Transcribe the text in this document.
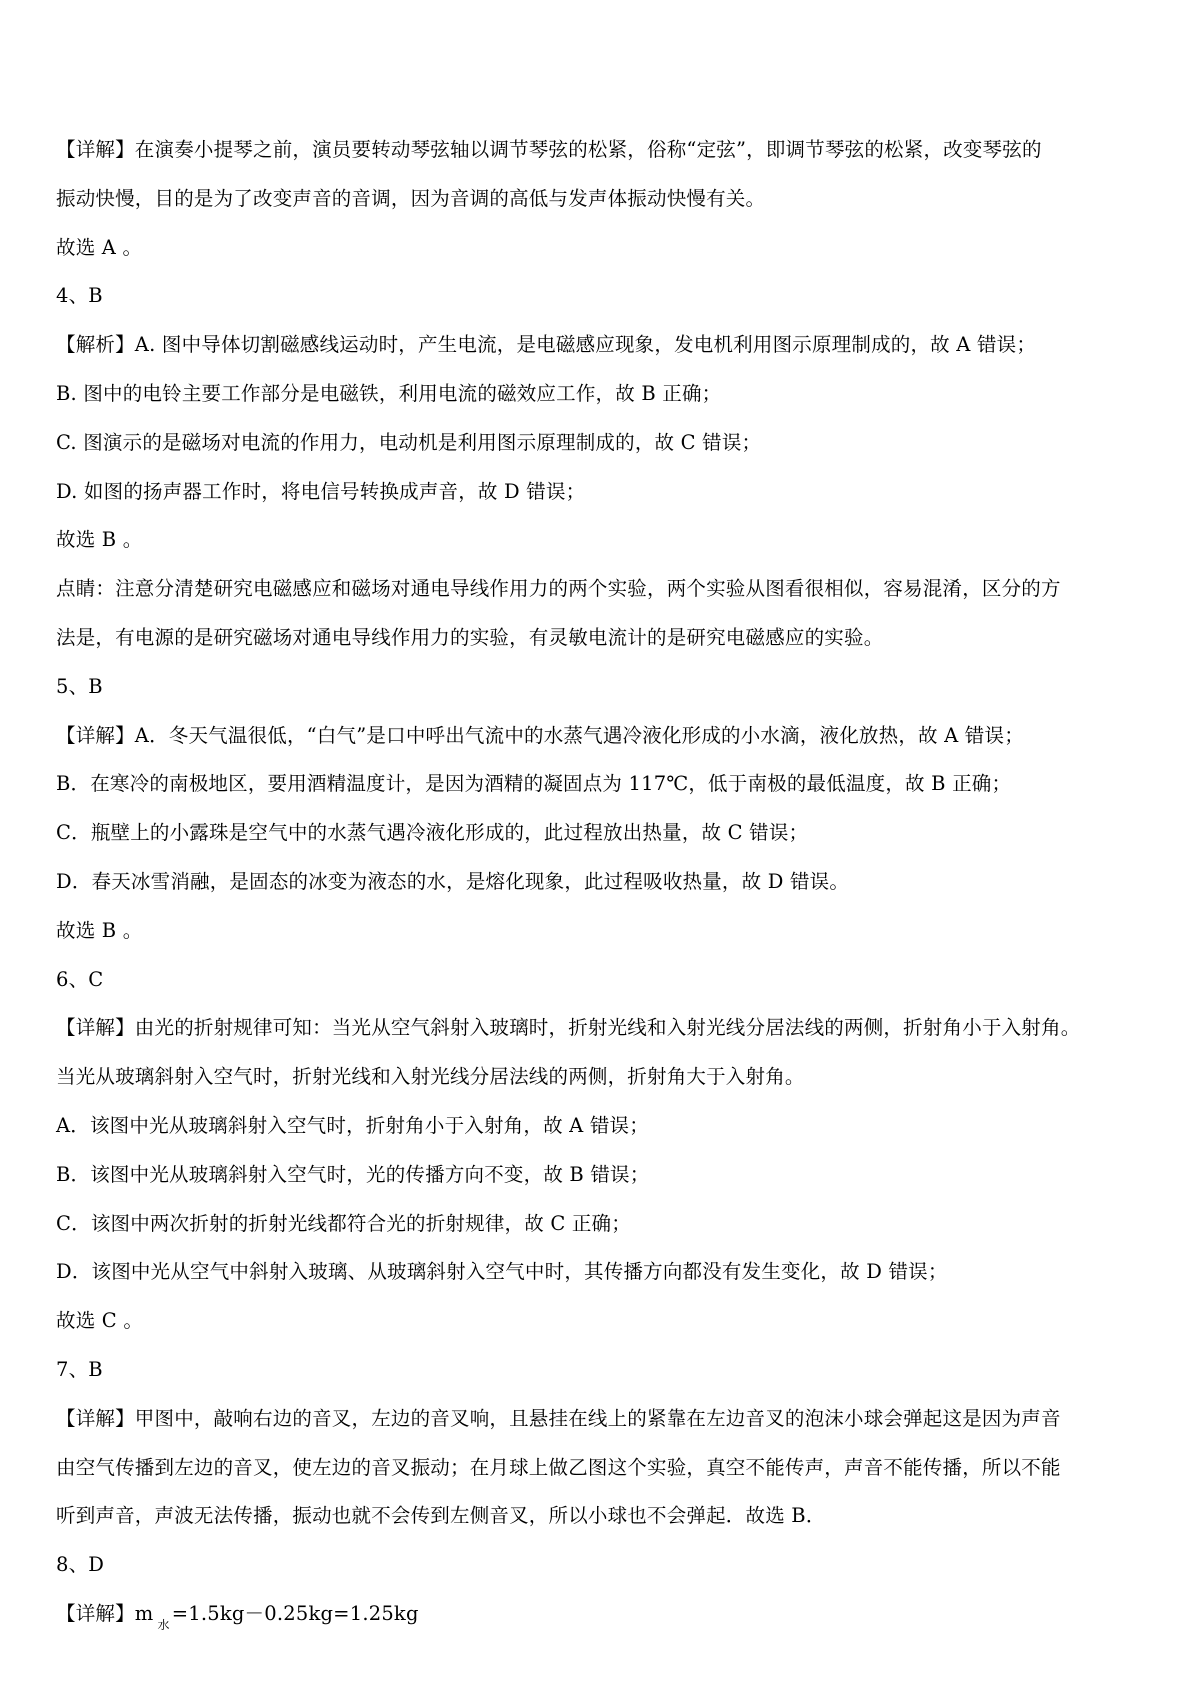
【详解】在演奏小提琴之前，演员要转动琴弦轴以调节琴弦的松紧，俗称“定弦”，即调节琴弦的松紧，改变琴弦的
振动快慢，目的是为了改变声音的音调，因为音调的高低与发声体振动快慢有关。
故选 A 。
4、B
【解析】A. 图中导体切割磁感线运动时，产生电流，是电磁感应现象，发电机利用图示原理制成的，故 A 错误；
B. 图中的电铃主要工作部分是电磁铁，利用电流的磁效应工作，故 B 正确；
C. 图演示的是磁场对电流的作用力，电动机是利用图示原理制成的，故 C 错误；
D. 如图的扬声器工作时，将电信号转换成声音，故 D 错误；
故选 B 。
点睛：注意分清楚研究电磁感应和磁场对通电导线作用力的两个实验，两个实验从图看很相似，容易混淆，区分的方
法是，有电源的是研究磁场对通电导线作用力的实验，有灵敏电流计的是研究电磁感应的实验。
5、B
【详解】A．冬天气温很低，“白气”是口中呼出气流中的水蒸气遇冷液化形成的小水滴，液化放热，故 A 错误；
B．在寒冷的南极地区，要用酒精温度计，是因为酒精的凝固点为 117℃，低于南极的最低温度，故 B 正确；
C．瓶壁上的小露珠是空气中的水蒸气遇冷液化形成的，此过程放出热量，故 C 错误；
D．春天冰雪消融，是固态的冰变为液态的水，是熔化现象，此过程吸收热量，故 D 错误。
故选 B 。
6、C
【详解】由光的折射规律可知：当光从空气斜射入玻璃时，折射光线和入射光线分居法线的两侧，折射角小于入射角。
当光从玻璃斜射入空气时，折射光线和入射光线分居法线的两侧，折射角大于入射角。
A．该图中光从玻璃斜射入空气时，折射角小于入射角，故 A 错误；
B．该图中光从玻璃斜射入空气时，光的传播方向不变，故 B 错误；
C．该图中两次折射的折射光线都符合光的折射规律，故 C 正确；
D．该图中光从空气中斜射入玻璃、从玻璃斜射入空气中时，其传播方向都没有发生变化，故 D 错误；
故选 C 。
7、B
【详解】甲图中，敲响右边的音叉，左边的音叉响，且悬挂在线上的紧靠在左边音叉的泡沫小球会弹起这是因为声音
由空气传播到左边的音叉，使左边的音叉振动；在月球上做乙图这个实验，真空不能传声，声音不能传播，所以不能
听到声音，声波无法传播，振动也就不会传到左侧音叉，所以小球也不会弹起．故选 B．
8、D
【详解】m $_水$ =1.5kg－0.25kg=1.25kg
